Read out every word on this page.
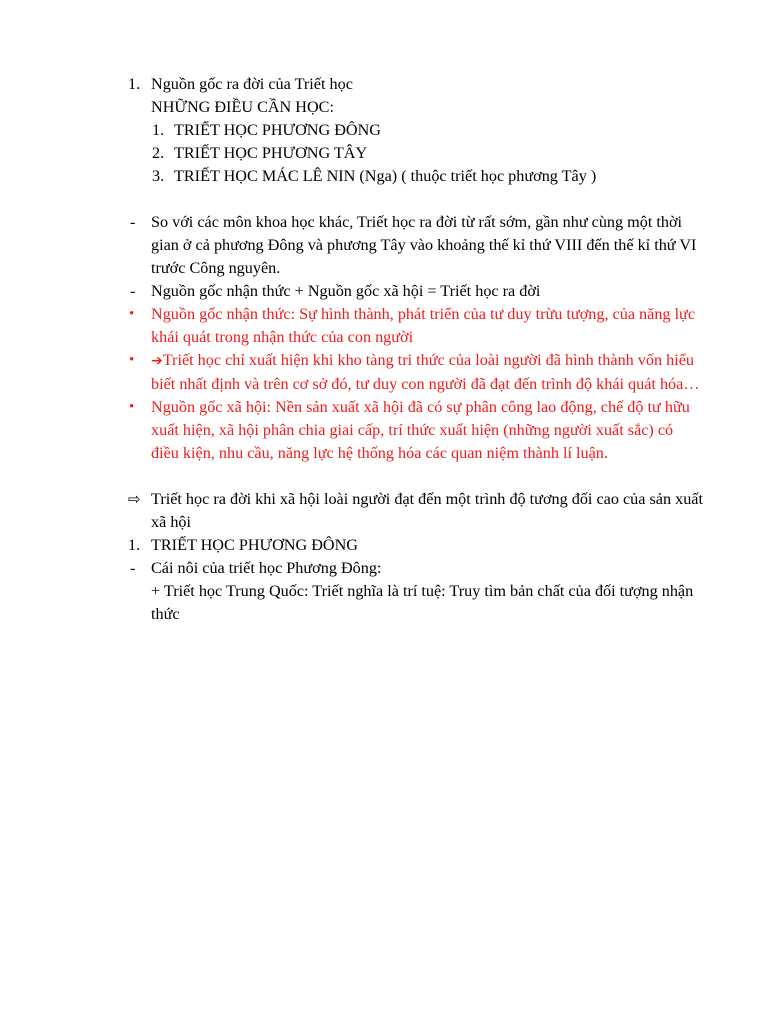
1. Nguồn gốc ra đời của Triết học
NHỮNG ĐIỀU CẦN HỌC:
1. TRIẾT HỌC PHƯƠNG ĐÔNG
2. TRIẾT HỌC PHƯƠNG TÂY
3. TRIẾT HỌC MÁC LÊ NIN (Nga) ( thuộc triết học phương Tây )
- So với các môn khoa học khác, Triết học ra đời từ rất sớm, gần như cùng một thời gian ở cả phương Đông và phương Tây vào khoảng thế kỉ thứ VIII đến thế kỉ thứ VI trước Công nguyên.
- Nguồn gốc nhận thức + Nguồn gốc xã hội = Triết học ra đời
• Nguồn gốc nhận thức: Sự hình thành, phát triển của tư duy trừu tượng, của năng lực khái quát trong nhận thức của con người
• ➔Triết học chỉ xuất hiện khi kho tàng tri thức của loài người đã hình thành vốn hiểu biết nhất định và trên cơ sở đó, tư duy con người đã đạt đến trình độ khái quát hóa…
• Nguồn gốc xã hội: Nền sản xuất xã hội đã có sự phân công lao động, chế độ tư hữu xuất hiện, xã hội phân chia giai cấp, trí thức xuất hiện (những người xuất sắc) có điều kiện, nhu cầu, năng lực hệ thống hóa các quan niệm thành lí luận.
⇨ Triết học ra đời khi xã hội loài người đạt đến một trình độ tương đối cao của sản xuất xã hội
1. TRIẾT HỌC PHƯƠNG ĐÔNG
- Cái nôi của triết học Phương Đông:
+ Triết học Trung Quốc: Triết nghĩa là trí tuệ: Truy tìm bản chất của đối tượng nhận thức
